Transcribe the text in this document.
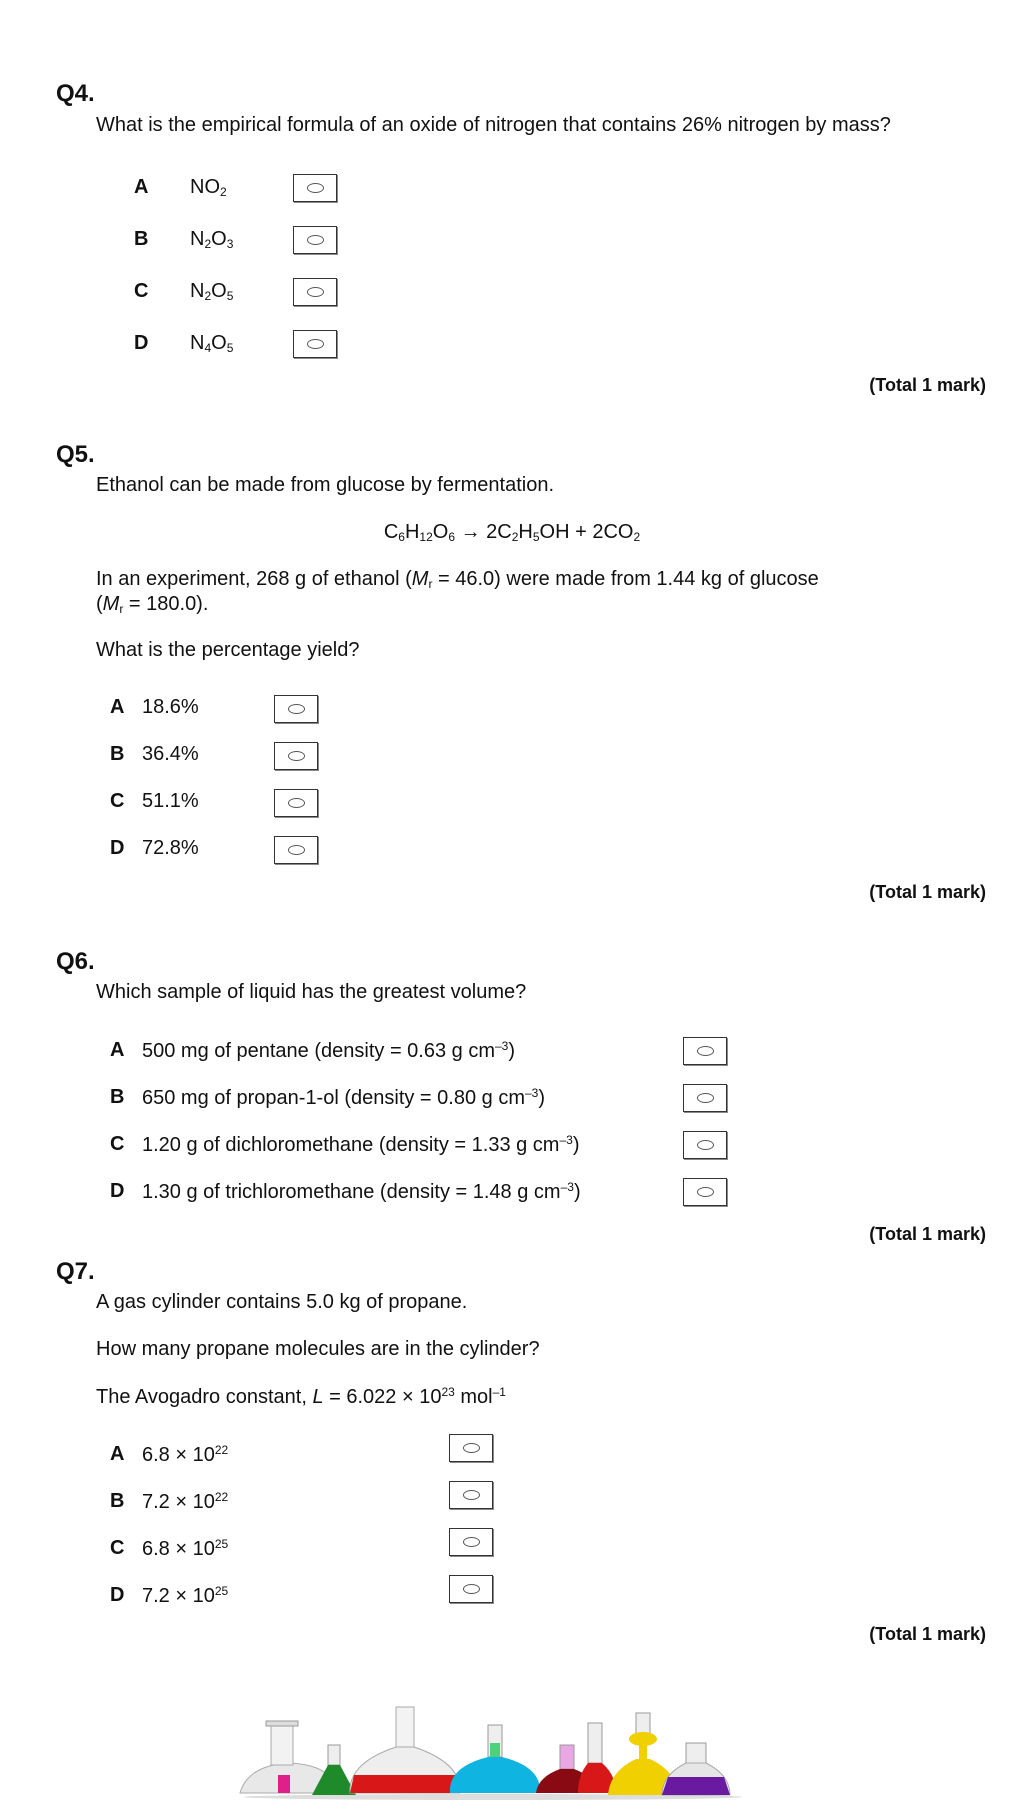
Q4.
What is the empirical formula of an oxide of nitrogen that contains 26% nitrogen by mass?
A $NO_2$
B $N_2O_3$
C $N_2O_5$
D $N_4O_5$
(Total 1 mark)
Q5.
Ethanol can be made from glucose by fermentation.
$C_6H_{12}O_6 \to 2C_2H_5OH + 2CO_2$
In an experiment, 268 g of ethanol $(M_r = 46.0)$ were made from 1.44 kg of glucose
$(M_r = 180.0)$.
What is the percentage yield?
A 18.6%
B 36.4%
C 51.1%
D 72.8%
(Total 1 mark)
Q6.
Which sample of liquid has the greatest volume?
A 500 mg of pentane (density = 0.63 g $cm^{-3}$)
B 650 mg of propan-1-ol (density = 0.80 g $cm^{-3}$)
C 1.20 g of dichloromethane (density = 1.33 g $cm^{-3}$)
D 1.30 g of trichloromethane (density = 1.48 g $cm^{-3}$)
(Total 1 mark)
Q7.
A gas cylinder contains 5.0 kg of propane.
How many propane molecules are in the cylinder?
The Avogadro constant, $L = 6.022 \times 10^{23}$ mol$^{-1}$
A $6.8 \times 10^{22}$
B $7.2 \times 10^{22}$
C $6.8 \times 10^{25}$
D $7.2 \times 10^{25}$
(Total 1 mark)
